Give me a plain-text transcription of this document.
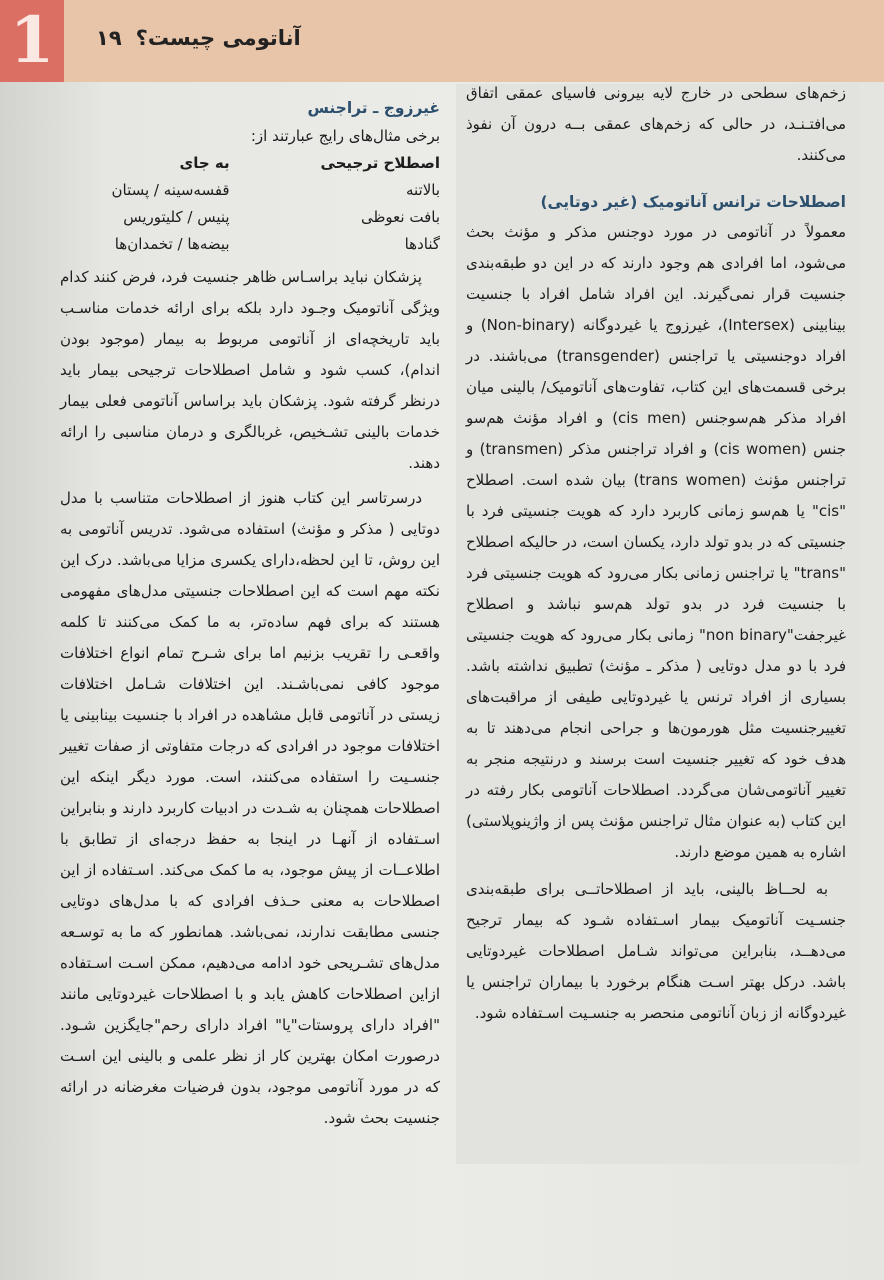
1	آناتومی چیست؟۱۹

زخم‌های سطحی در خارج لایه بیرونی فاسیای عمقی اتفاق می‌افتـنـد، در حالی که زخم‌های عمقی بــه درون آن نفوذ می‌کنند.

اصطلاحات ترانس آناتومیک (غیر دوتایی)

معمولاً در آناتومی در مورد دوجنس مذکر و مؤنث بحث می‌شود، اما افرادی هم وجود دارند که در این دو طبقه‌بندی جنسیت قرار نمی‌گیرند. این افراد شامل افراد با جنسیت بینابینی (Intersex)، غیرزوج یا غیردوگانه (Non-binary) و افراد دوجنسیتی یا تراجنس (transgender) می‌باشند. در برخی قسمت‌های این کتاب، تفاوت‌های آناتومیک/ بالینی میان افراد مذکر هم‌سوجنس (cis men) و افراد مؤنث هم‌سو جنس (cis women) و افراد تراجنس مذکر (transmen) و تراجنس مؤنث (trans women) بیان شده است. اصطلاح "cis" یا هم‌سو زمانی کاربرد دارد که هویت جنسیتی فرد با جنسیتی که در بدو تولد دارد، یکسان است، در حالیکه اصطلاح "trans" یا تراجنس زمانی بکار می‌رود که هویت جنسیتی فرد با جنسیت فرد در بدو تولد هم‌سو نباشد و اصطلاح غیرجفت"non binary" زمانی بکار می‌رود که هویت جنسیتی فرد با دو مدل دوتایی ( مذکر ـ مؤنث) تطبیق نداشته باشد. بسیاری از افراد ترنس یا غیردوتایی طیفی از مراقبت‌های تغییرجنسیت مثل هورمون‌ها و جراحی انجام می‌دهند تا به هدف خود که تغییر جنسیت است برسند و درنتیجه منجر به تغییر آناتومی‌شان می‌گردد. اصطلاحات آناتومی بکار رفته در این کتاب (به عنوان مثال تراجنس مؤنث پس از واژینوپلاستی) اشاره به همین موضع دارند.

به لحــاظ بالینی، باید از اصطلاحاتــی برای طبقه‌بندی جنسـیت آناتومیک بیمار اسـتفاده شـود که بیمار ترجیح می‌دهــد، بنابراین می‌تواند شـامل اصطلاحات غیردوتایی باشد. درکل بهتر اسـت هنگام برخورد با بیماران تراجنس یا غیردوگانه از زبان آناتومی منحصر به جنسـیت اسـتفاده شود.

غیرزوج ـ تراجنس

برخی مثال‌های رایج عبارتند از:

اصطلاح ترجیحی	به جای
بالاتنه	قفسه‌سینه / پستان
بافت نعوظی	پنیس / کلیتوریس
گنادها	بیضه‌ها / تخمدان‌ها

پزشکان نباید براسـاس ظاهر جنسیت فرد، فرض کنند کدام ویژگی آناتومیک وجـود دارد بلکه برای ارائه خدمات مناسـب باید تاریخچه‌ای از آناتومی مربوط به بیمار (موجود بودن اندام)، کسب شود و شامل اصطلاحات ترجیحی بیمار باید درنظر گرفته شود. پزشکان باید براساس آناتومی فعلی بیمار خدمات بالینی تشـخیص، غربالگری و درمان مناسبی را ارائه دهند.

درسرتاسر این کتاب هنوز از اصطلاحات متناسب با مدل دوتایی ( مذکر و مؤنث) استفاده می‌شود. تدریس آناتومی به این روش، تا این لحظه،دارای یکسری مزایا می‌باشد. درک این نکته مهم است که این اصطلاحات جنسیتی مدل‌های مفهومی هستند که برای فهم ساده‌تر، به ما کمک می‌کنند تا کلمه واقعـی را تقریب بزنیم اما برای شـرح تمام انواع اختلافات موجود کافی نمی‌باشـند. این اختلافات شـامل اختلافات زیستی در آناتومی قابل مشاهده در افراد با جنسیت بینابینی یا اختلافات موجود در افرادی که درجات متفاوتی از صفات تغییر جنسـیت را استفاده می‌کنند، است. مورد دیگر اینکه این اصطلاحات همچنان به شـدت در ادبیات کاربرد دارند و بنابراین اسـتفاده از آنهـا در اینجا به حفظ درجه‌ای از تطابق با اطلاعــات از پیش موجود، به ما کمک می‌کند. اسـتفاده از این اصطلاحات به معنی حـذف افرادی که با مدل‌های دوتایی جنسی مطابقت ندارند، نمی‌باشد. همانطور که ما به توسـعه مدل‌های تشـریحی خود ادامه می‌دهیم، ممکن اسـت اسـتفاده ازاین اصطلاحات کاهش یابد و با اصطلاحات غیردوتایی مانند "افراد دارای پروستات"یا" افراد دارای رحم"جایگزین شـود. درصورت امکان بهترین کار از نظر علمی و بالینی این اسـت که در مورد آناتومی موجود، بدون فرضیات مغرضانه در ارائه جنسیت بحث شود.
